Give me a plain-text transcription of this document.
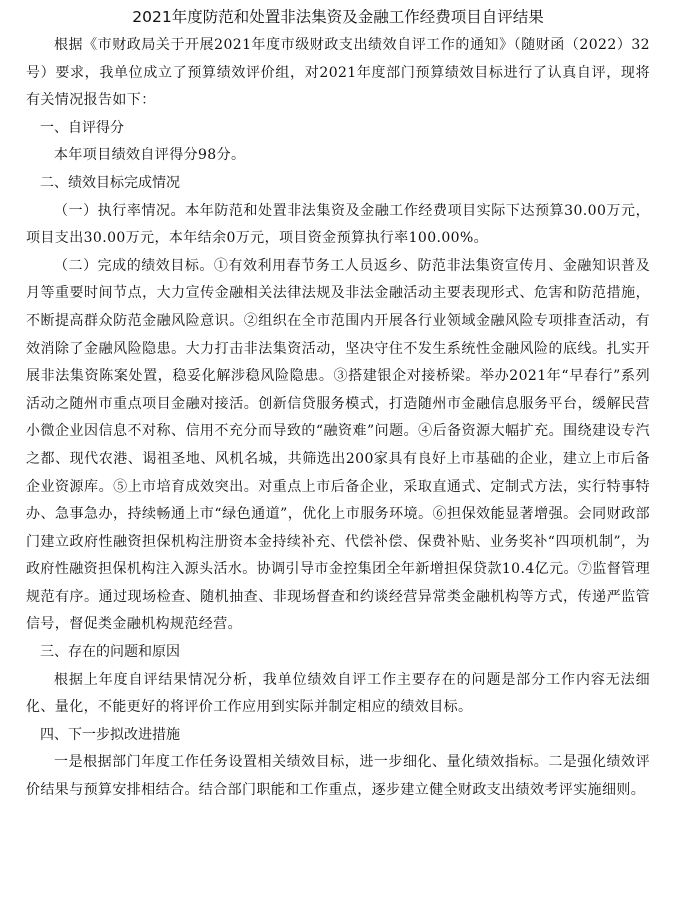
2021年度防范和处置非法集资及金融工作经费项目自评结果

根据《市财政局关于开展2021年度市级财政支出绩效自评工作的通知》（随财函（2022）32号）要求，我单位成立了预算绩效评价组，对2021年度部门预算绩效目标进行了认真自评，现将有关情况报告如下：

一、自评得分

本年项目绩效自评得分98分。

二、绩效目标完成情况

（一）执行率情况。本年防范和处置非法集资及金融工作经费项目实际下达预算30.00万元，项目支出30.00万元，本年结余0万元，项目资金预算执行率100.00%。

（二）完成的绩效目标。①有效利用春节务工人员返乡、防范非法集资宣传月、金融知识普及月等重要时间节点，大力宣传金融相关法律法规及非法金融活动主要表现形式、危害和防范措施，不断提高群众防范金融风险意识。②组织在全市范围内开展各行业领域金融风险专项排查活动，有效消除了金融风险隐患。大力打击非法集资活动，坚决守住不发生系统性金融风险的底线。扎实开展非法集资陈案处置，稳妥化解涉稳风险隐患。③搭建银企对接桥梁。举办2021年“早春行”系列活动之随州市重点项目金融对接活。创新信贷服务模式，打造随州市金融信息服务平台，缓解民营小微企业因信息不对称、信用不充分而导致的“融资难”问题。④后备资源大幅扩充。围绕建设专汽之都、现代农港、谒祖圣地、风机名城，共筛选出200家具有良好上市基础的企业，建立上市后备企业资源库。⑤上市培育成效突出。对重点上市后备企业，采取直通式、定制式方法，实行特事特办、急事急办，持续畅通上市“绿色通道”，优化上市服务环境。⑥担保效能显著增强。会同财政部门建立政府性融资担保机构注册资本金持续补充、代偿补偿、保费补贴、业务奖补“四项机制”，为政府性融资担保机构注入源头活水。协调引导市金控集团全年新增担保贷款10.4亿元。⑦监督管理规范有序。通过现场检查、随机抽查、非现场督查和约谈经营异常类金融机构等方式，传递严监管信号，督促类金融机构规范经营。

三、存在的问题和原因

根据上年度自评结果情况分析，我单位绩效自评工作主要存在的问题是部分工作内容无法细化、量化，不能更好的将评价工作应用到实际并制定相应的绩效目标。

四、下一步拟改进措施

一是根据部门年度工作任务设置相关绩效目标，进一步细化、量化绩效指标。二是强化绩效评价结果与预算安排相结合。结合部门职能和工作重点，逐步建立健全财政支出绩效考评实施细则。
